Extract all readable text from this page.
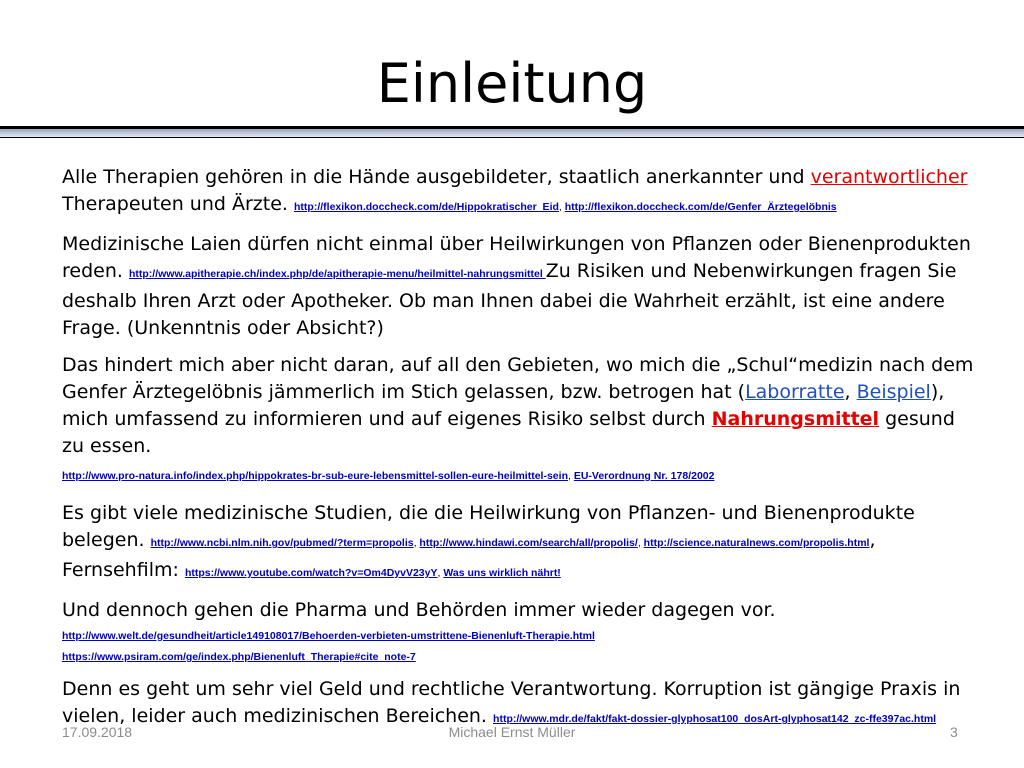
Einleitung

Alle Therapien gehören in die Hände ausgebildeter, staatlich anerkannter und verantwortlicher Therapeuten und Ärzte. http://flexikon.doccheck.com/de/Hippokratischer_Eid, http://flexikon.doccheck.com/de/Genfer_Ärztegelöbnis

Medizinische Laien dürfen nicht einmal über Heilwirkungen von Pflanzen oder Bienenprodukten reden. http://www.apitherapie.ch/index.php/de/apitherapie-menu/heilmittel-nahrungsmittel Zu Risiken und Nebenwirkungen fragen Sie deshalb Ihren Arzt oder Apotheker. Ob man Ihnen dabei die Wahrheit erzählt, ist eine andere Frage. (Unkenntnis oder Absicht?)

Das hindert mich aber nicht daran, auf all den Gebieten, wo mich die „Schul“medizin nach dem Genfer Ärztegelöbnis jämmerlich im Stich gelassen, bzw. betrogen hat (Laborratte, Beispiel), mich umfassend zu informieren und auf eigenes Risiko selbst durch Nahrungsmittel gesund zu essen.
http://www.pro-natura.info/index.php/hippokrates-br-sub-eure-lebensmittel-sollen-eure-heilmittel-sein, EU-Verordnung Nr. 178/2002

Es gibt viele medizinische Studien, die die Heilwirkung von Pflanzen- und Bienenprodukte belegen. http://www.ncbi.nlm.nih.gov/pubmed/?term=propolis, http://www.hindawi.com/search/all/propolis/, http://science.naturalnews.com/propolis.html, Fernsehfilm: https://www.youtube.com/watch?v=Om4DyvV23yY, Was uns wirklich nährt!

Und dennoch gehen die Pharma und Behörden immer wieder dagegen vor.
http://www.welt.de/gesundheit/article149108017/Behoerden-verbieten-umstrittene-Bienenluft-Therapie.html
https://www.psiram.com/ge/index.php/Bienenluft_Therapie#cite_note-7

Denn es geht um sehr viel Geld und rechtliche Verantwortung. Korruption ist gängige Praxis in vielen, leider auch medizinischen Bereichen. http://www.mdr.de/fakt/fakt-dossier-glyphosat100_dosArt-glyphosat142_zc-ffe397ac.html

17.09.2018	Michael Ernst Müller	3
